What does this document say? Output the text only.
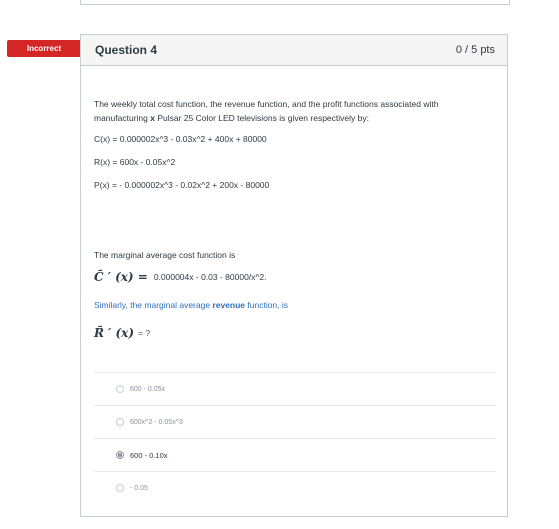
Incorrect	Question 4	0 / 5 pts

The weekly total cost function, the revenue function, and the profit functions associated with manufacturing x Pulsar 25 Color LED televisions is given respectively by:

C(x) = 0.000002x^3 - 0.03x^2 + 400x + 80000

R(x) = 600x - 0.05x^2

P(x) = - 0.000002x^3 - 0.02x^2 + 200x - 80000

The marginal average cost function is
C̄ ′ (x) = 0.000004x - 0.03 - 80000/x^2.
Similarly, the marginal average revenue function, is
R̄ ′ (x) = ?
600 - 0.05x
600x^2 - 0.05x^3
600 - 0.10x
- 0.05
